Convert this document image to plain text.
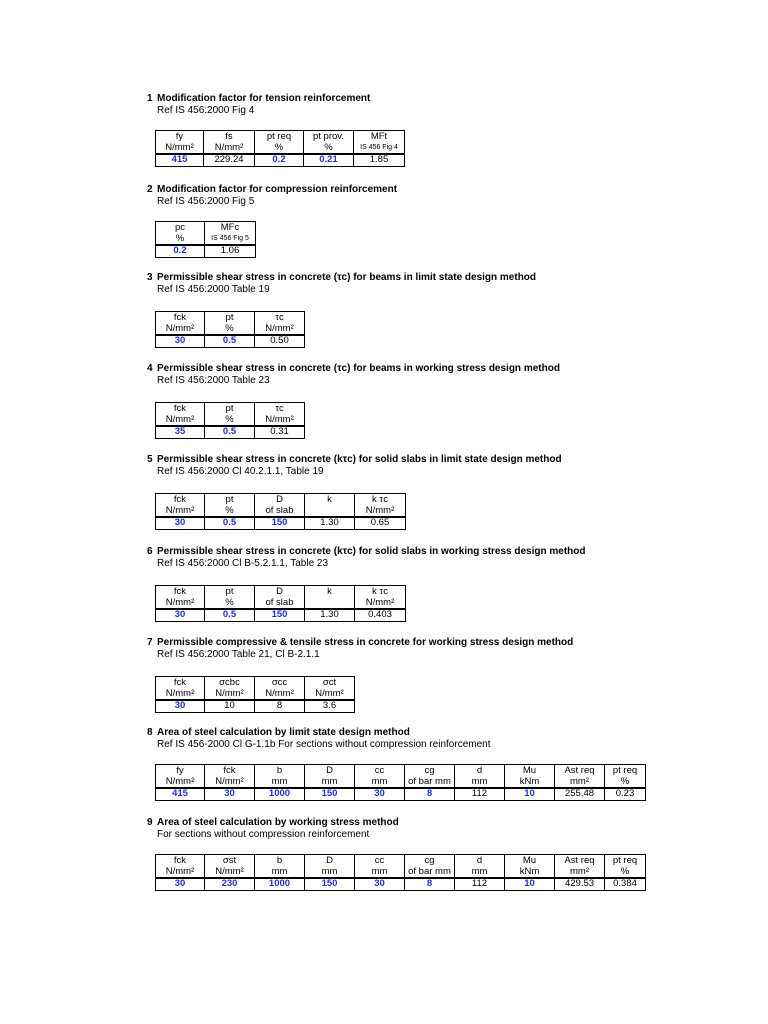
1 Modification factor for tension reinforcement
Ref IS 456:2000 Fig 4
fy	fs	pt req	pt prov.	MFt
N/mm²	N/mm²	%	%	IS 456 Fig 4
415	229.24	0.2	0.21	1.85
2 Modification factor for compression reinforcement
Ref IS 456:2000 Fig 5
pc	MFc
%	IS 456 Fig 5
0.2	1.06
3 Permissible shear stress in concrete (τc) for beams in limit state design method
Ref IS 456:2000 Table 19
fck	pt	τc
N/mm²	%	N/mm²
30	0.5	0.50
4 Permissible shear stress in concrete (τc) for beams in working stress design method
Ref IS 456:2000 Table 23
fck	pt	τc
N/mm²	%	N/mm²
35	0.5	0.31
5 Permissible shear stress in concrete (kτc) for solid slabs in limit state design method
Ref IS 456:2000 Cl 40.2.1.1, Table 19
fck	pt	D	k	k τc
N/mm²	%	of slab		N/mm²
30	0.5	150	1.30	0.65
6 Permissible shear stress in concrete (kτc) for solid slabs in working stress design method
Ref IS 456:2000 Cl B-5.2.1.1, Table 23
fck	pt	D	k	k τc
N/mm²	%	of slab		N/mm²
30	0.5	150	1.30	0.403
7 Permissible compressive & tensile stress in concrete for working stress design method
Ref IS 456:2000 Table 21, Cl B-2.1.1
fck	σcbc	σcc	σct
N/mm²	N/mm²	N/mm²	N/mm²
30	10	8	3.6
8 Area of steel calculation by limit state design method
Ref IS 456-2000 Cl G-1.1b For sections without compression reinforcement
fy	fck	b	D	cc	cg	d	Mu	Ast req	pt req
N/mm²	N/mm²	mm	mm	mm	of bar mm	mm	kNm	mm²	%
415	30	1000	150	30	8	112	10	255.48	0.23
9 Area of steel calculation by working stress method
For sections without compression reinforcement
fck	σst	b	D	cc	cg	d	Mu	Ast req	pt req
N/mm²	N/mm²	mm	mm	mm	of bar mm	mm	kNm	mm²	%
30	230	1000	150	30	8	112	10	429.53	0.384
